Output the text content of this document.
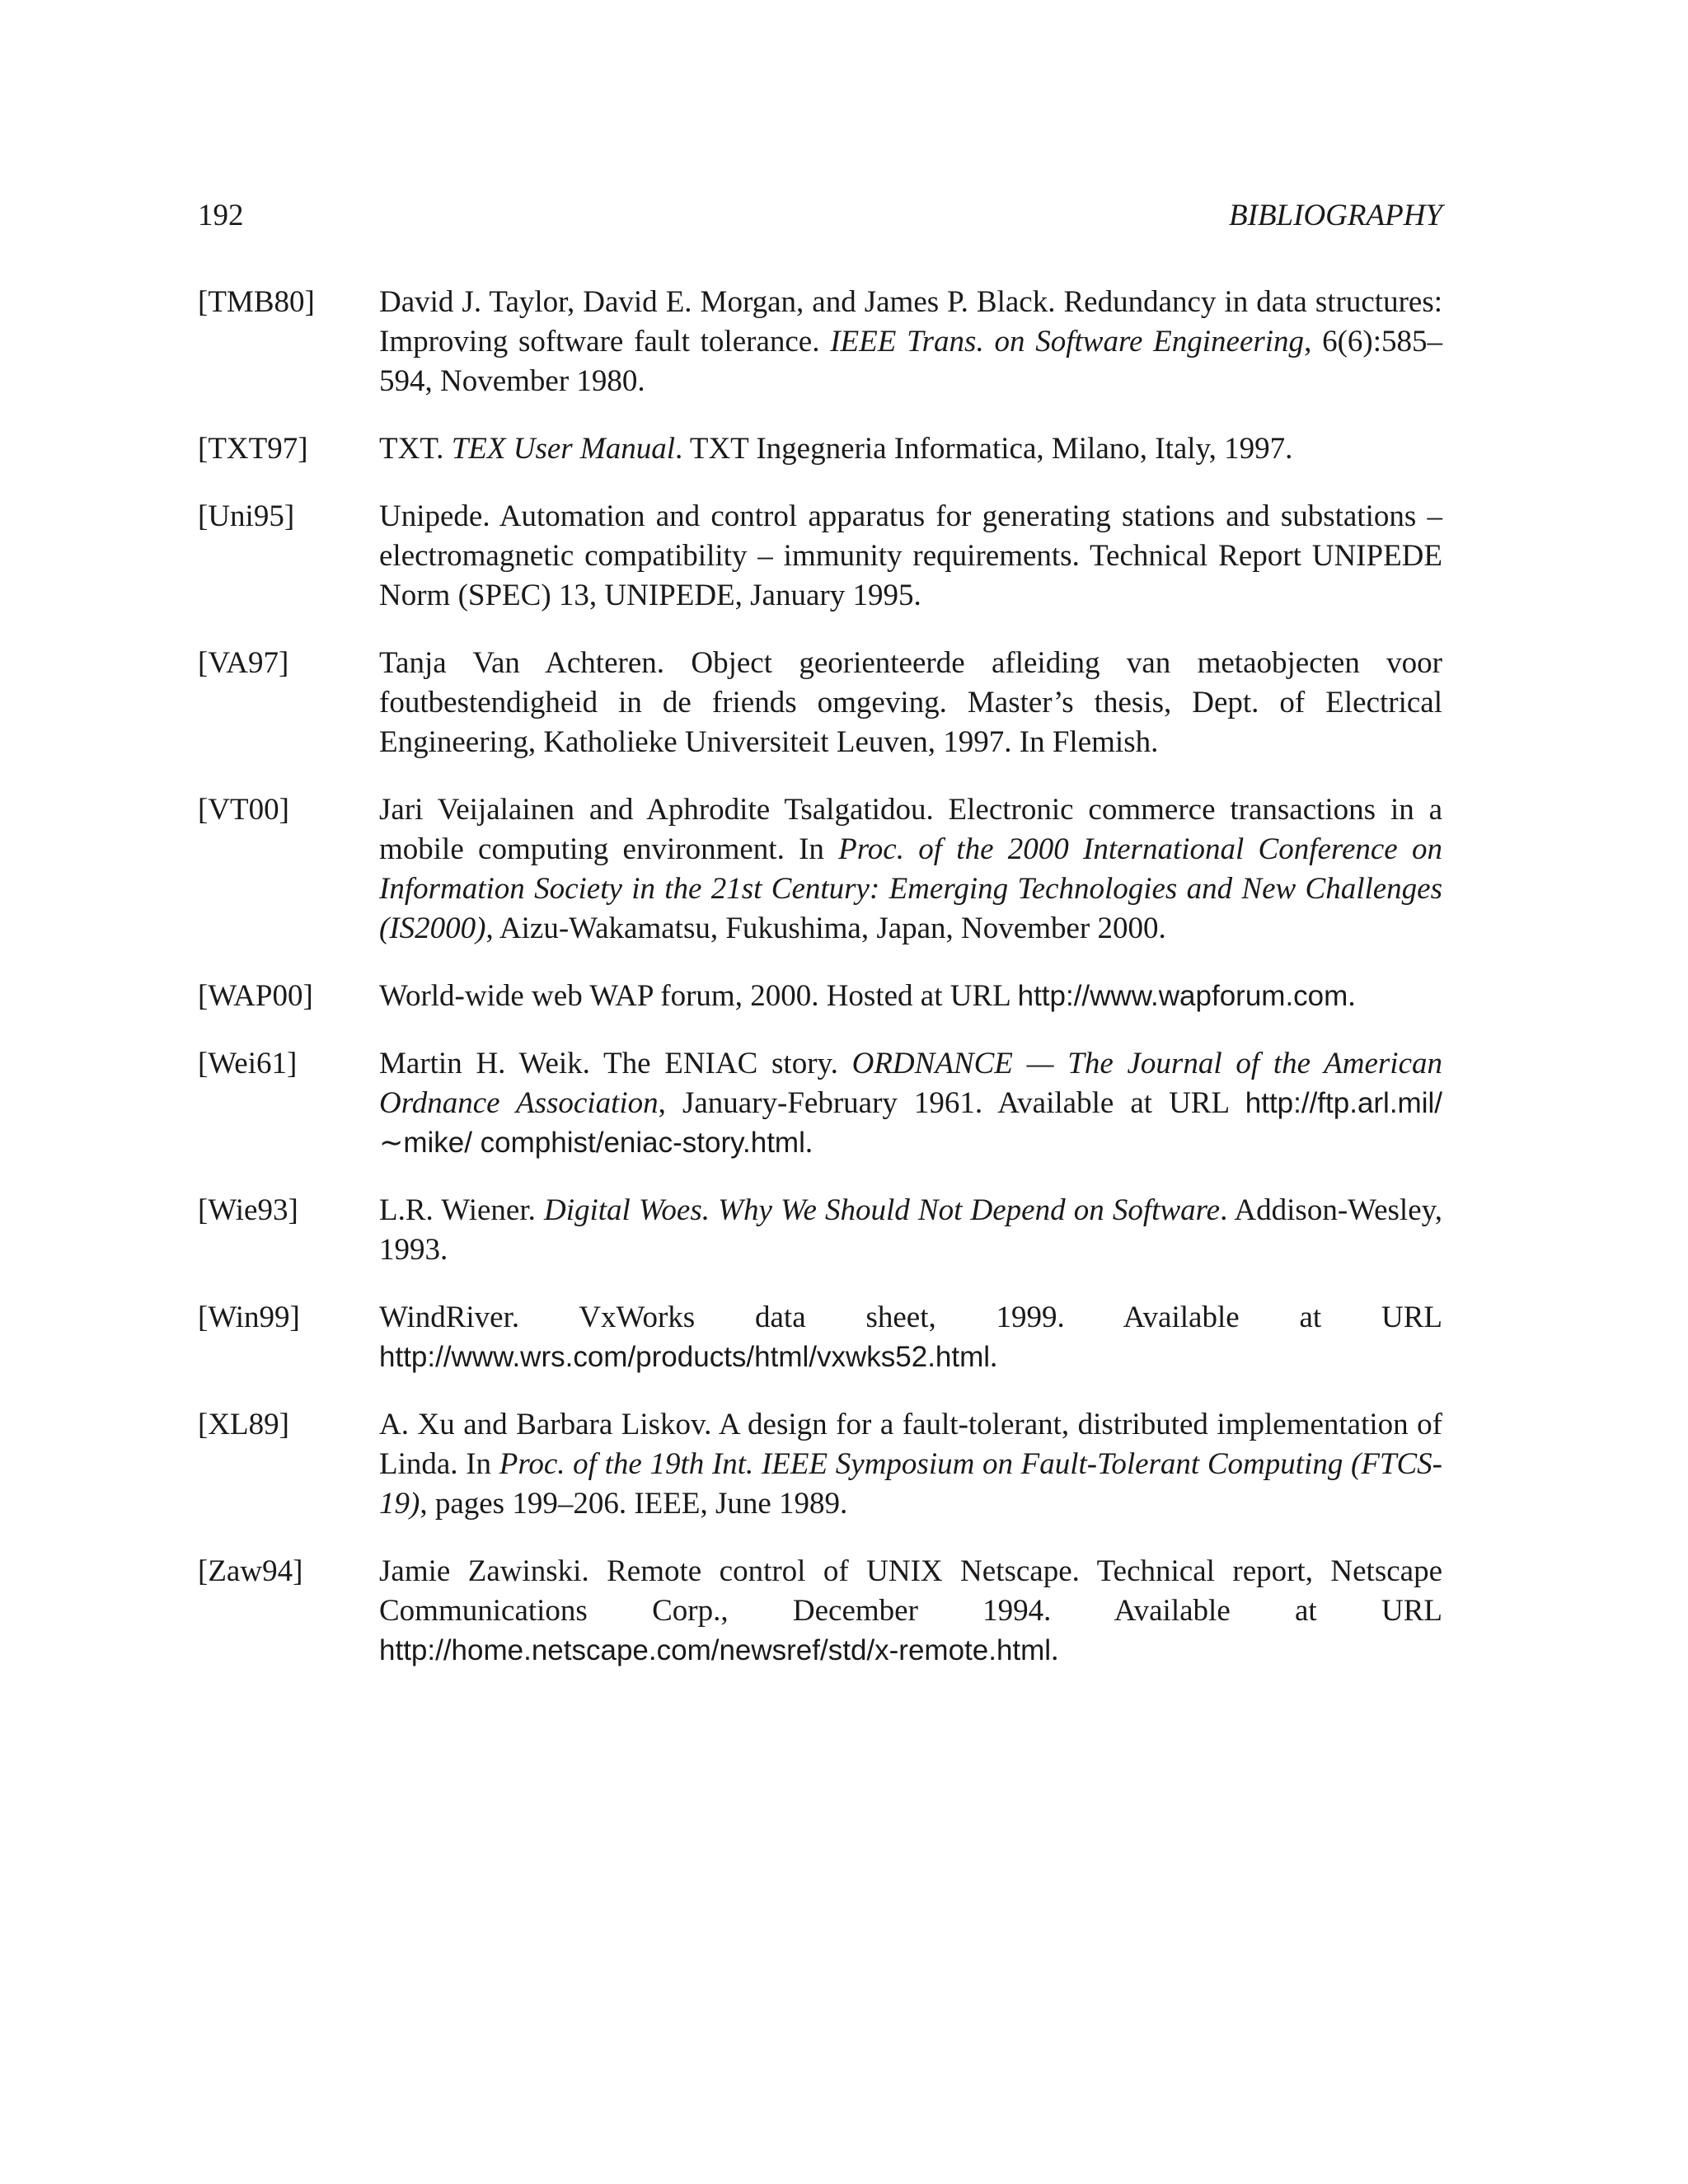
192	BIBLIOGRAPHY
[TMB80] David J. Taylor, David E. Morgan, and James P. Black. Redundancy in data structures: Improving software fault tolerance. IEEE Trans. on Software Engineering, 6(6):585–594, November 1980.
[TXT97] TXT. TEX User Manual. TXT Ingegneria Informatica, Milano, Italy, 1997.
[Uni95]	Unipede. Automation and control apparatus for generating stations and substations – electromagnetic compatibility – immunity requirements. Technical Report UNIPEDE Norm (SPEC) 13, UNIPEDE, January 1995.
[VA97]	Tanja Van Achteren. Object georienteerde afleiding van metaobjecten voor foutbestendigheid in de friends omgeving. Master’s thesis, Dept. of Electrical Engineering, Katholieke Universiteit Leuven, 1997. In Flemish.
[VT00]	Jari Veijalainen and Aphrodite Tsalgatidou. Electronic commerce transactions in a mobile computing environment. In Proc. of the 2000 International Conference on Information Society in the 21st Century: Emerging Technologies and New Challenges (IS2000), Aizu-Wakamatsu, Fukushima, Japan, November 2000.
[WAP00] World-wide web WAP forum, 2000. Hosted at URL http://www.wapforum.com.
[Wei61]	Martin H. Weik. The ENIAC story. ORDNANCE — The Journal of the American Ordnance Association, January-February 1961. Available at URL http://ftp.arl.mil/∼mike/ comphist/eniac-story.html.
[Wie93]	L.R. Wiener. Digital Woes. Why We Should Not Depend on Software. Addison-Wesley, 1993.
[Win99]	WindRiver. VxWorks data sheet, 1999. Available at URL http://www.wrs.com/products/html/vxwks52.html.
[XL89]	A. Xu and Barbara Liskov. A design for a fault-tolerant, distributed implementation of Linda. In Proc. of the 19th Int. IEEE Symposium on Fault-Tolerant Computing (FTCS-19), pages 199–206. IEEE, June 1989.
[Zaw94]	Jamie Zawinski. Remote control of UNIX Netscape. Technical report, Netscape Communications Corp., December 1994. Available at URL http://home.netscape.com/newsref/std/x-remote.html.
